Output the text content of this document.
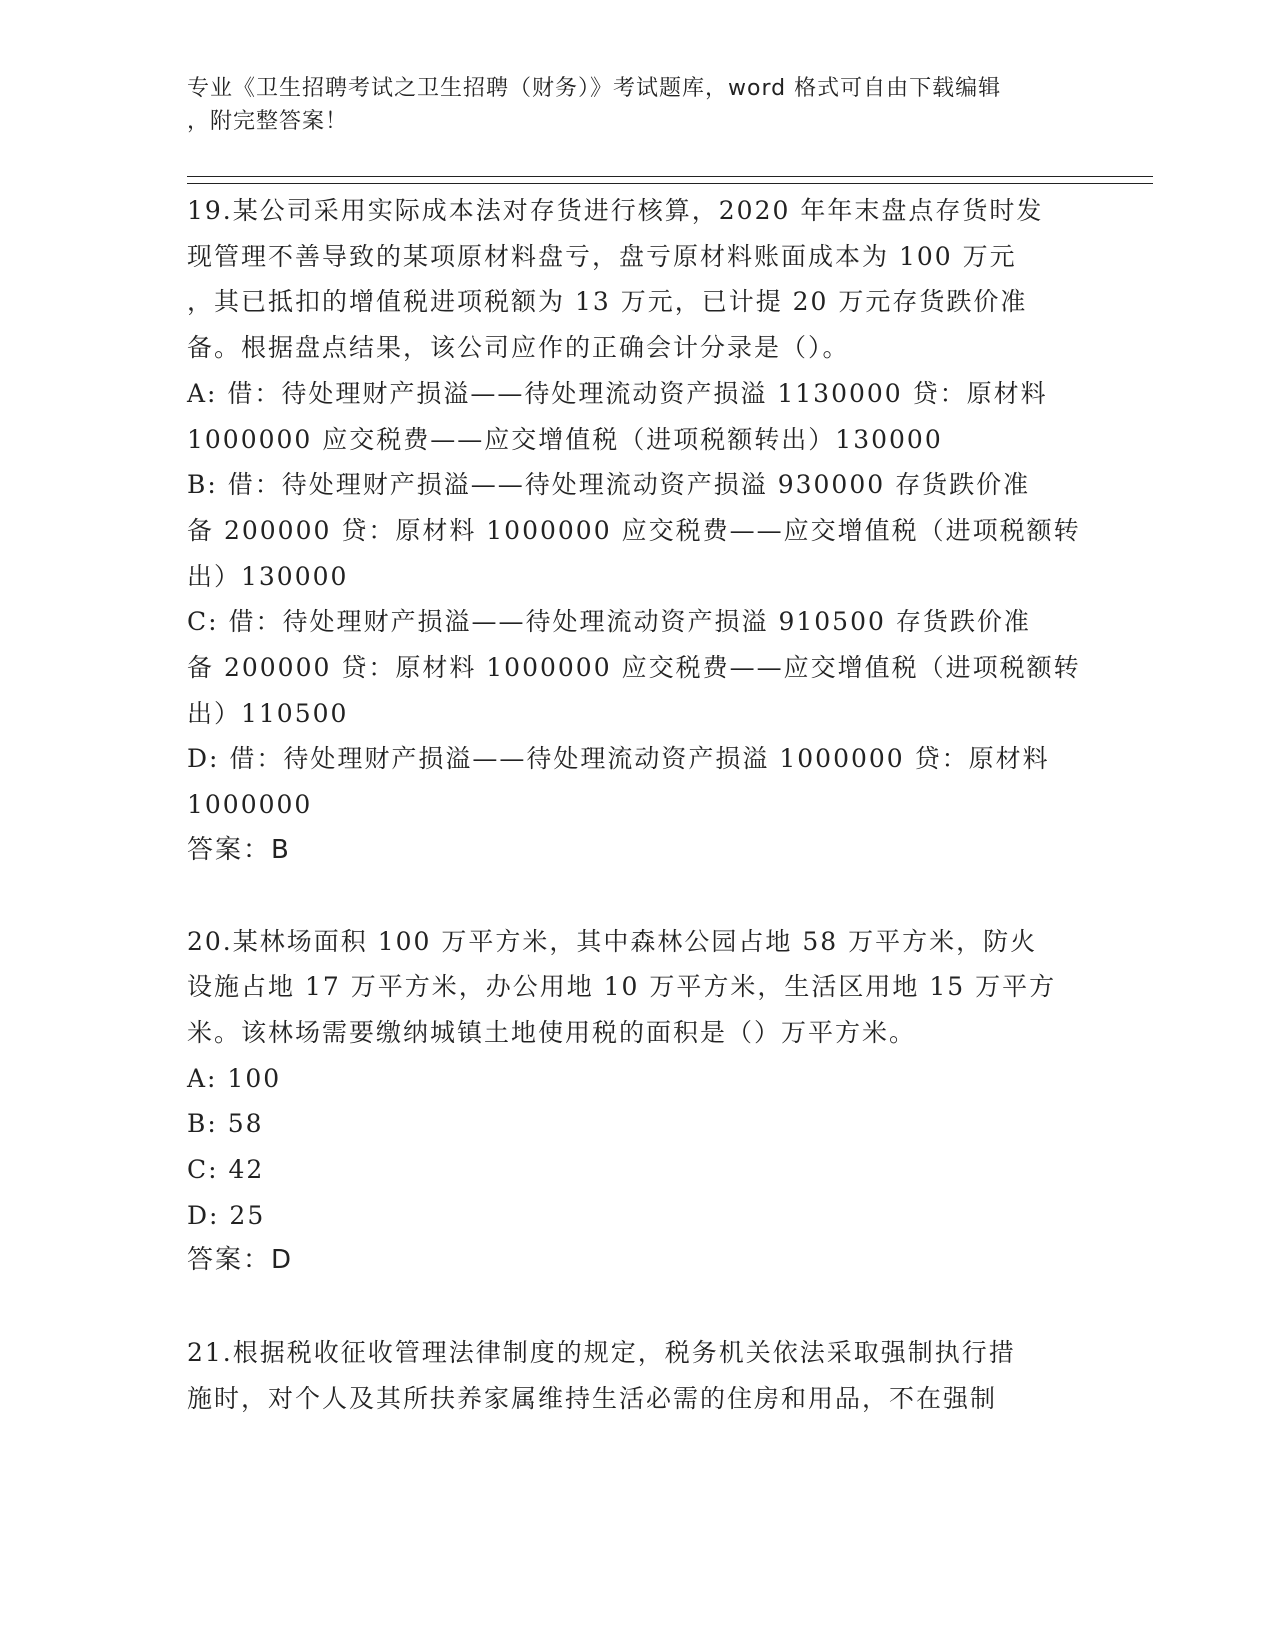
专业《卫生招聘考试之卫生招聘（财务）》考试题库，word 格式可自由下载编辑

，附完整答案！

19.某公司采用实际成本法对存货进行核算，2020 年年末盘点存货时发

现管理不善导致的某项原材料盘亏，盘亏原材料账面成本为 100 万元

，其已抵扣的增值税进项税额为 13 万元，已计提 20 万元存货跌价准

备。根据盘点结果，该公司应作的正确会计分录是（）。

A: 借：待处理财产损溢——待处理流动资产损溢 1130000 贷：原材料

1000000 应交税费——应交增值税（进项税额转出）130000

B: 借：待处理财产损溢——待处理流动资产损溢 930000 存货跌价准

备 200000 贷：原材料 1000000 应交税费——应交增值税（进项税额转

出）130000

C: 借：待处理财产损溢——待处理流动资产损溢 910500 存货跌价准

备 200000 贷：原材料 1000000 应交税费——应交增值税（进项税额转

出）110500

D: 借：待处理财产损溢——待处理流动资产损溢 1000000 贷：原材料

1000000

答案：B

20.某林场面积 100 万平方米，其中森林公园占地 58 万平方米，防火

设施占地 17 万平方米，办公用地 10 万平方米，生活区用地 15 万平方

米。该林场需要缴纳城镇土地使用税的面积是（）万平方米。

A: 100

B: 58

C: 42

D: 25

答案：D

21.根据税收征收管理法律制度的规定，税务机关依法采取强制执行措

施时，对个人及其所扶养家属维持生活必需的住房和用品，不在强制
